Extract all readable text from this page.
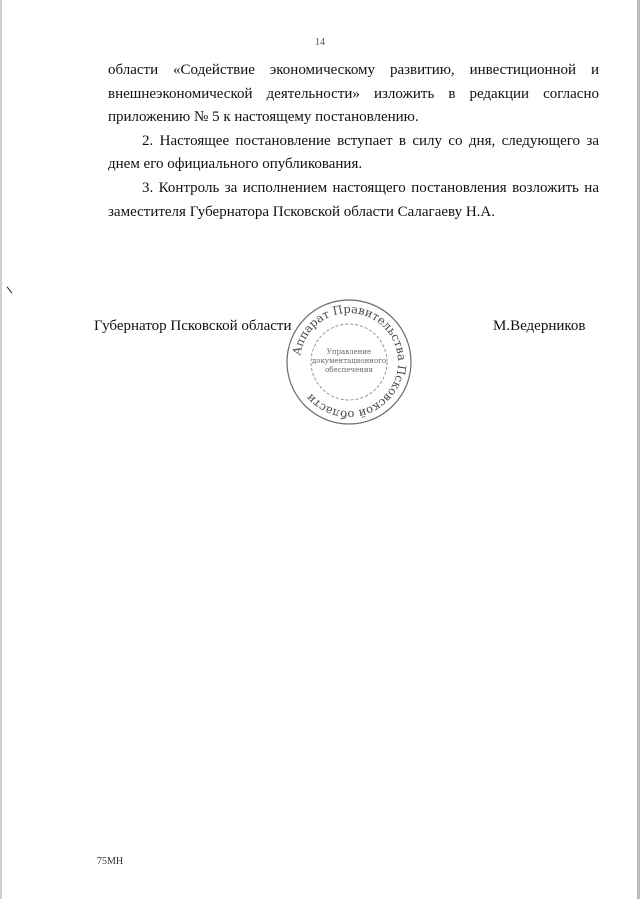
14

области «Содействие экономическому развитию, инвестиционной и внешнеэкономической деятельности» изложить в редакции согласно приложению № 5 к настоящему постановлению.

2. Настоящее постановление вступает в силу со дня, следующего за днем его официального опубликования.

3. Контроль за исполнением настоящего постановления возложить на заместителя Губернатора Псковской области Салагаеву Н.А.

Губернатор Псковской области	М.Ведерников
Аппарат Правительства Псковской области
Управление
документационного
обеспечения
75МН
